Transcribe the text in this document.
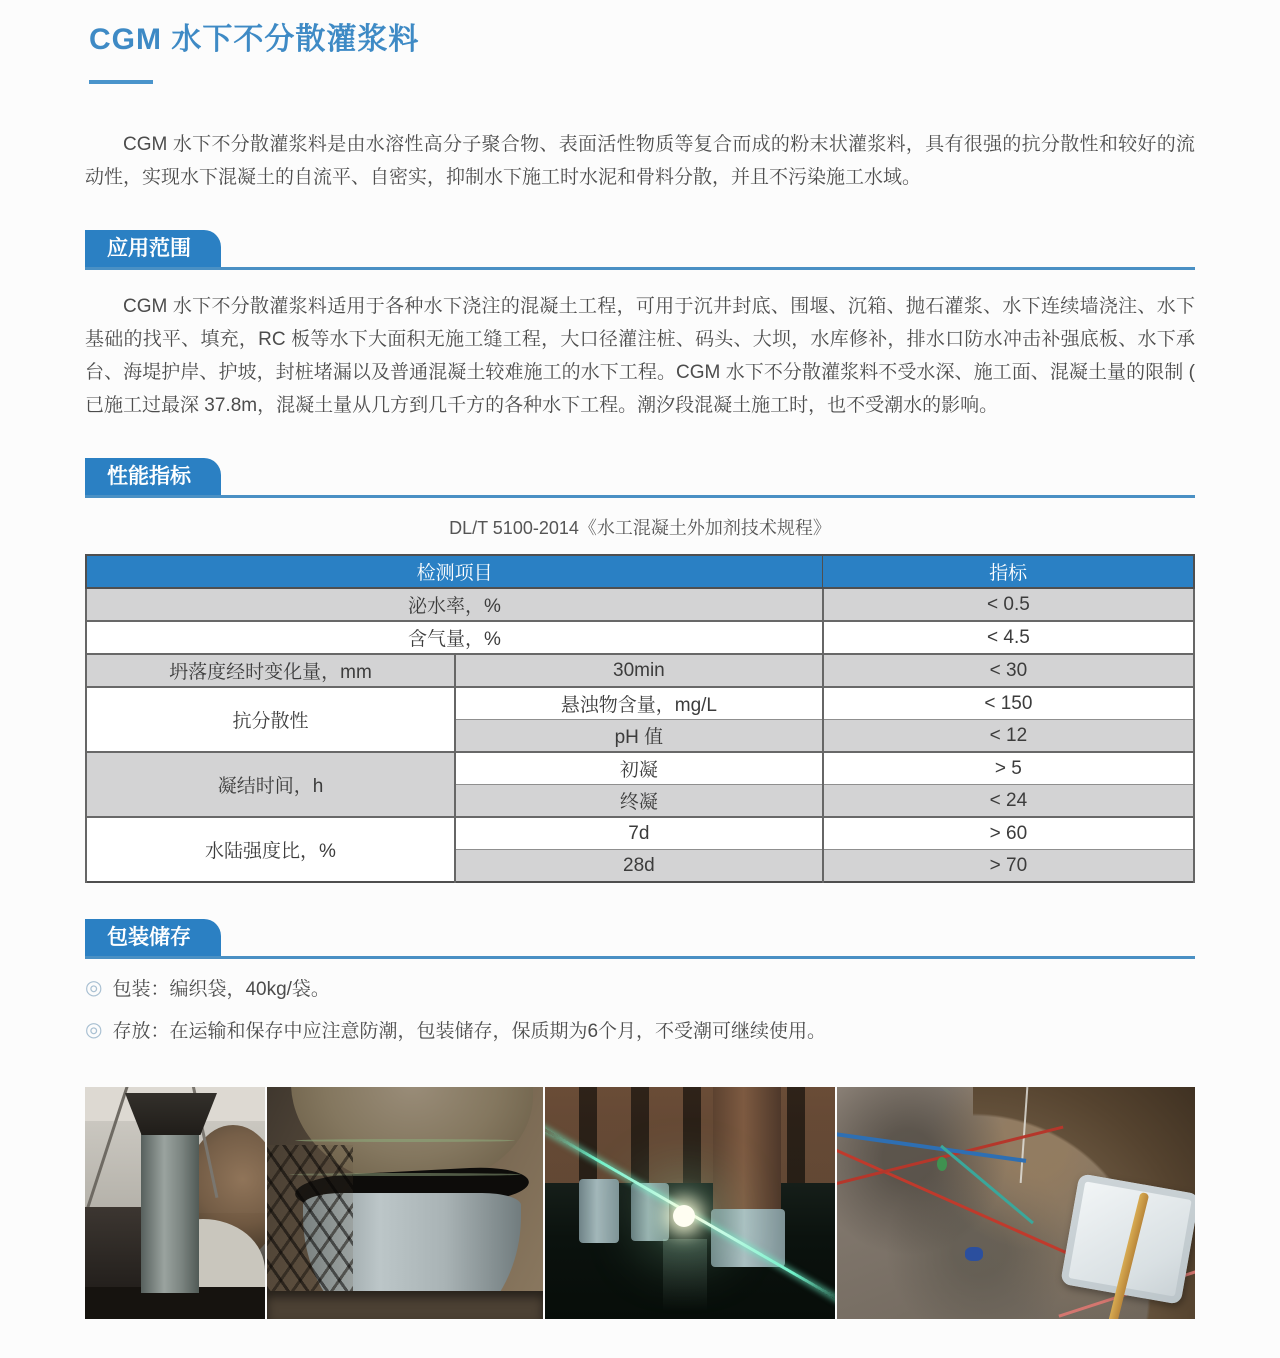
CGM 水下不分散灌浆料

CGM 水下不分散灌浆料是由水溶性高分子聚合物、表面活性物质等复合而成的粉末状灌浆料，具有很强的抗分散性和较好的流动性，实现水下混凝土的自流平、自密实，抑制水下施工时水泥和骨料分散，并且不污染施工水域。

应用范围

CGM 水下不分散灌浆料适用于各种水下浇注的混凝土工程，可用于沉井封底、围堰、沉箱、抛石灌浆、水下连续墙浇注、水下基础的找平、填充，RC 板等水下大面积无施工缝工程，大口径灌注桩、码头、大坝，水库修补，排水口防水冲击补强底板、水下承台、海堤护岸、护坡，封桩堵漏以及普通混凝土较难施工的水下工程。CGM 水下不分散灌浆料不受水深、施工面、混凝土量的限制 ( 已施工过最深 37.8m，混凝土量从几方到几千方的各种水下工程。潮汐段混凝土施工时，也不受潮水的影响。

性能指标
DL/T 5100-2014《水工混凝土外加剂技术规程》
检测项目		指标
泌水率，%		< 0.5
含气量，%		< 4.5
坍落度经时变化量，mm	30min	< 30
抗分散性	悬浊物含量，mg/L	< 150
	pH 值	< 12
凝结时间，h	初凝	> 5
	终凝	< 24
水陆强度比，%	7d	> 60
	28d	> 70
包装储存
◎ 包装：编织袋，40kg/袋。
◎ 存放：在运输和保存中应注意防潮，包装储存，保质期为6个月，不受潮可继续使用。
